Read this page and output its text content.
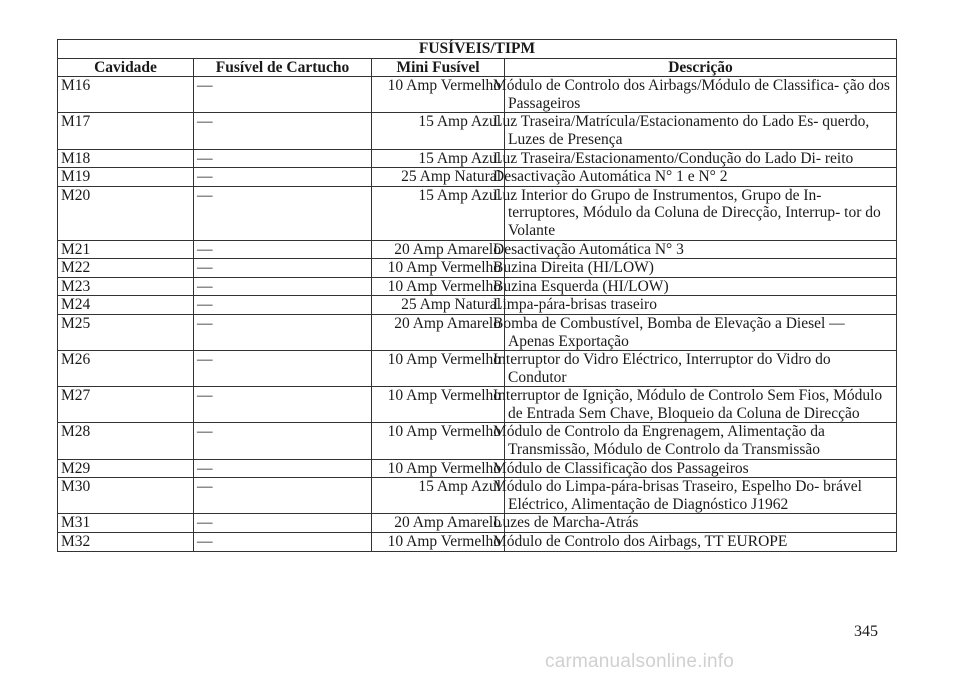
FUSÍVEIS/TIPM			
Cavidade	Fusível de Cartucho	Mini Fusível	Descrição
M16	—	10 Amp Vermelho	Módulo de Controlo dos Airbags/Módulo de Classifica- ção dos Passageiros
M17	—	15 Amp Azul	Luz Traseira/Matrícula/Estacionamento do Lado Es- querdo, Luzes de Presença
M18	—	15 Amp Azul	Luz Traseira/Estacionamento/Condução do Lado Di- reito
M19	—	25 Amp Natural	Desactivação Automática N° 1 e N° 2
M20	—	15 Amp Azul	Luz Interior do Grupo de Instrumentos, Grupo de In- terruptores, Módulo da Coluna de Direcção, Interrup- tor do Volante
M21	—	20 Amp Amarelo	Desactivação Automática N° 3
M22	—	10 Amp Vermelho	Buzina Direita (HI/LOW)
M23	—	10 Amp Vermelho	Buzina Esquerda (HI/LOW)
M24	—	25 Amp Natural	Limpa-pára-brisas traseiro
M25	—	20 Amp Amarelo	Bomba de Combustível, Bomba de Elevação a Diesel — Apenas Exportação
M26	—	10 Amp Vermelho	Interruptor do Vidro Eléctrico, Interruptor do Vidro do Condutor
M27	—	10 Amp Vermelho	Interruptor de Ignição, Módulo de Controlo Sem Fios, Módulo de Entrada Sem Chave, Bloqueio da Coluna de Direcção
M28	—	10 Amp Vermelho	Módulo de Controlo da Engrenagem, Alimentação da Transmissão, Módulo de Controlo da Transmissão
M29	—	10 Amp Vermelho	Módulo de Classificação dos Passageiros
M30	—	15 Amp Azul	Módulo do Limpa-pára-brisas Traseiro, Espelho Do- brável Eléctrico, Alimentação de Diagnóstico J1962
M31	—	20 Amp Amarelo	Luzes de Marcha-Atrás
M32	—	10 Amp Vermelho	Módulo de Controlo dos Airbags, TT EUROPE
345
carmanualsonline.info
